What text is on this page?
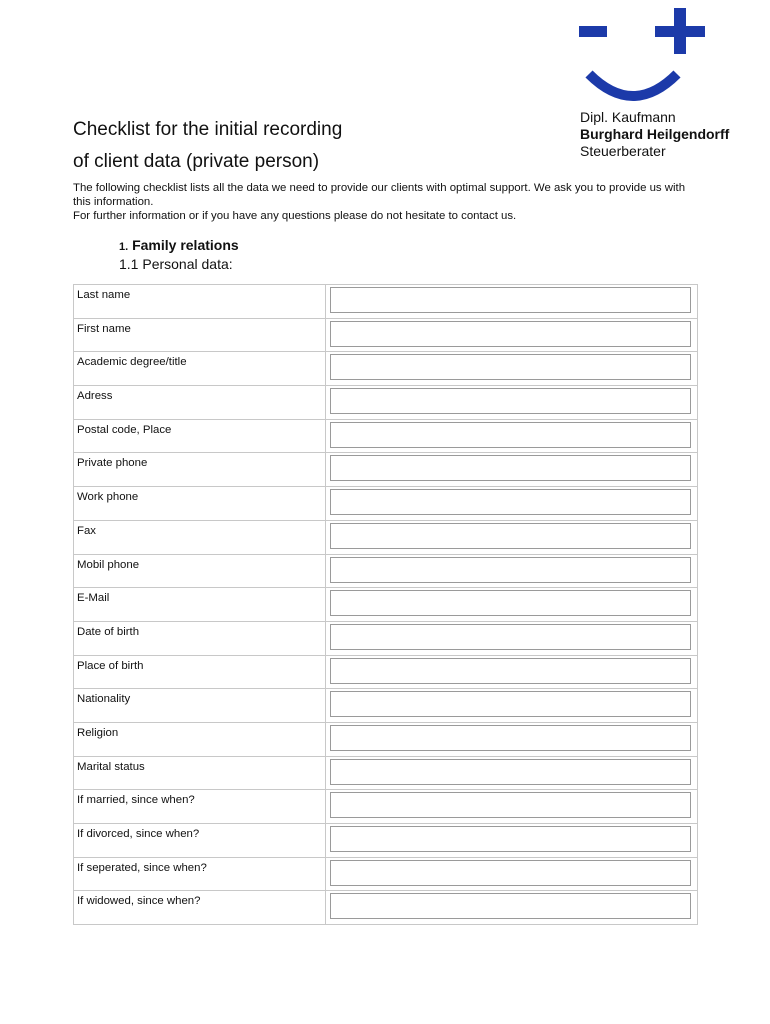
Dipl. Kaufmann
Burghard Heilgendorff
Steuerberater
Checklist for the initial recording
of client data (private person)

The following checklist lists all the data we need to provide our clients with optimal support. We ask you to provide us with this information.

For further information or if you have any questions please do not hesitate to contact us.

1. Family relations
1.1 Personal data:
Last name	

First name	

Academic degree/title	

Adress	

Postal code, Place	

Private phone	

Work phone	

Fax	

Mobil phone	

E-Mail	

Date of birth	

Place of birth	

Nationality	

Religion	

Marital status	

If married, since when?	

If divorced, since when?	

If seperated, since when?	

If widowed, since when?	
